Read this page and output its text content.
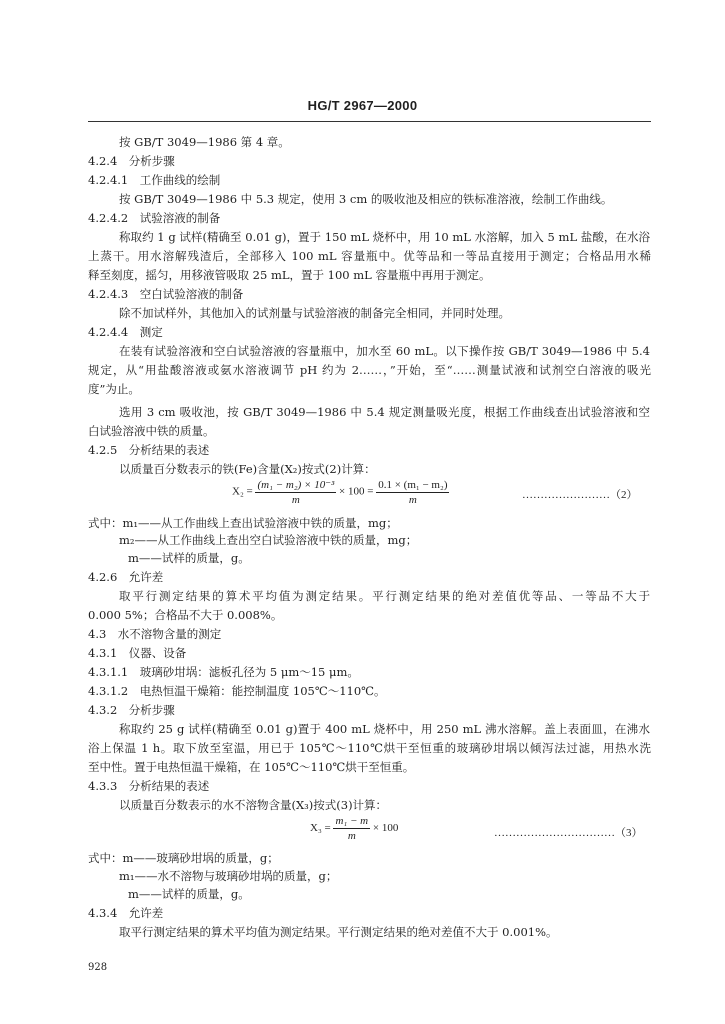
HG/T 2967—2000
按 GB/T 3049—1986 第 4 章。
4.2.4　分析步骤
4.2.4.1　工作曲线的绘制
按 GB/T 3049—1986 中 5.3 规定，使用 3 cm 的吸收池及相应的铁标准溶液，绘制工作曲线。
4.2.4.2　试验溶液的制备
称取约 1 g 试样(精确至 0.01 g)，置于 150 mL 烧杯中，用 10 mL 水溶解，加入 5 mL 盐酸，在水浴
上蒸干。用水溶解残渣后，全部移入 100 mL 容量瓶中。优等品和一等品直接用于测定；合格品用水稀
释至刻度，摇匀，用移液管吸取 25 mL，置于 100 mL 容量瓶中再用于测定。
4.2.4.3　空白试验溶液的制备
除不加试样外，其他加入的试剂量与试验溶液的制备完全相同，并同时处理。
4.2.4.4　测定
在装有试验溶液和空白试验溶液的容量瓶中，加水至 60 mL。以下操作按 GB/T 3049—1986 中 5.4
规定，从“用盐酸溶液或氨水溶液调节 pH 约为 2……，”开始，至“……测量试液和试剂空白溶液的吸光
度”为止。
选用 3 cm 吸收池，按 GB/T 3049—1986 中 5.4 规定测量吸光度，根据工作曲线查出试验溶液和空
白试验溶液中铁的质量。
4.2.5　分析结果的表述
以质量百分数表示的铁(Fe)含量(X₂)按式(2)计算：
$X_2 = \frac{\text{(m₁ − m₂) × 10⁻³}}{m} \times 100 = \frac{\text{0.1 × (m₁ − m₂)}}{m}$	……………………（2）
式中：m₁——从工作曲线上查出试验溶液中铁的质量，mg；
m₂——从工作曲线上查出空白试验溶液中铁的质量，mg；
m——试样的质量，g。
4.2.6　允许差
取平行测定结果的算术平均值为测定结果。平行测定结果的绝对差值优等品、一等品不大于
0.000 5%；合格品不大于 0.008%。
4.3　水不溶物含量的测定
4.3.1　仪器、设备
4.3.1.1　玻璃砂坩埚：滤板孔径为 5 μm～15 μm。
4.3.1.2　电热恒温干燥箱：能控制温度 105℃～110℃。
4.3.2　分析步骤
称取约 25 g 试样(精确至 0.01 g)置于 400 mL 烧杯中，用 250 mL 沸水溶解。盖上表面皿，在沸水
浴上保温 1 h。取下放至室温，用已于 105℃～110℃烘干至恒重的玻璃砂坩埚以倾泻法过滤，用热水洗
至中性。置于电热恒温干燥箱，在 105℃～110℃烘干至恒重。
4.3.3　分析结果的表述
以质量百分数表示的水不溶物含量(X₃)按式(3)计算：
$X_3 = \frac{\text{m₁ − m}}{m} \times 100$	……………………………（3）
式中：m——玻璃砂坩埚的质量，g；
m₁——水不溶物与玻璃砂坩埚的质量，g；
m——试样的质量，g。
4.3.4　允许差
取平行测定结果的算术平均值为测定结果。平行测定结果的绝对差值不大于 0.001%。
928
